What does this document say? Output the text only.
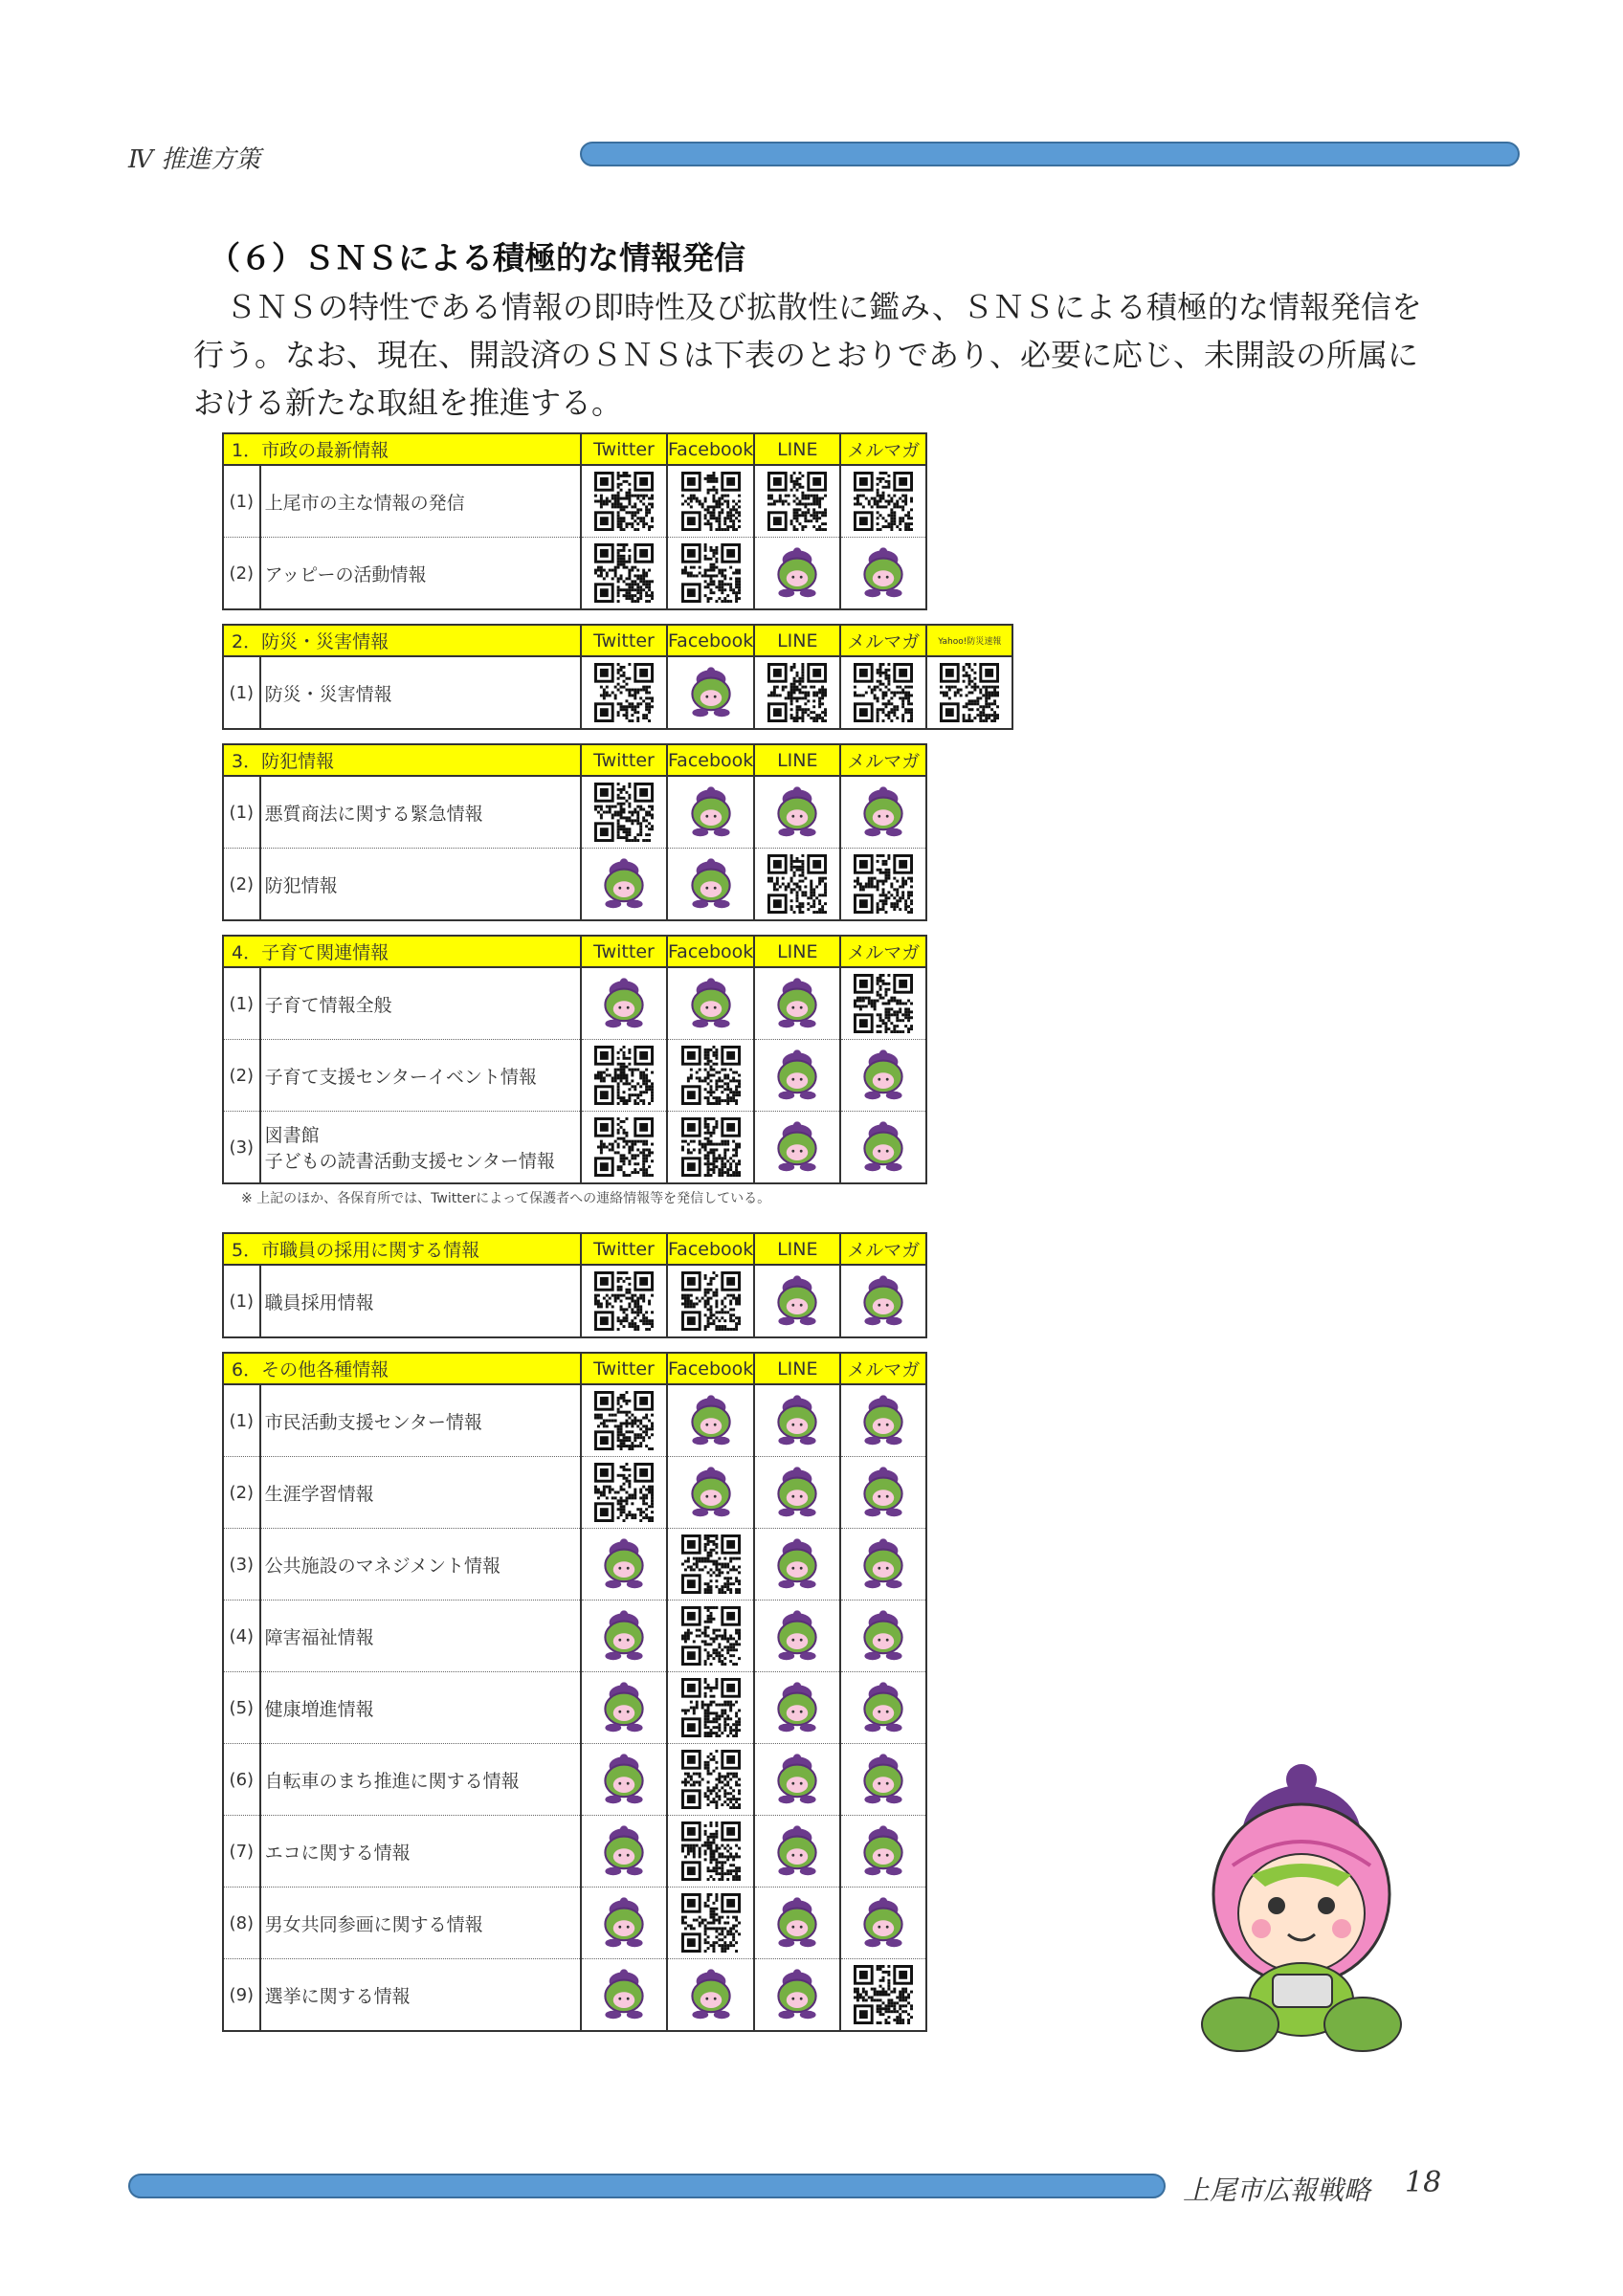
Ⅳ 推進方策
（６）ＳＮＳによる積極的な情報発信

ＳＮＳの特性である情報の即時性及び拡散性に鑑み、ＳＮＳによる積極的な情報発信を行う。なお、現在、開設済のＳＮＳは下表のとおりであり、必要に応じ、未開設の所属における新たな取組を推進する。

1．市政の最新情報		Twitter	Facebook	LINE	メルマガ
(1)	上尾市の主な情報の発信	

(2)	アッピーの活動情報	

2．防災・災害情報		Twitter	Facebook	LINE	メルマガ	Yahoo!防災速報
(1)	防災・災害情報	

3．防犯情報		Twitter	Facebook	LINE	メルマガ
(1)	悪質商法に関する緊急情報	

(2)	防犯情報	

4．子育て関連情報		Twitter	Facebook	LINE	メルマガ
(1)	子育て情報全般	

(2)	子育て支援センターイベント情報	

(3)	図書館
子どもの読書活動支援センター情報	

※ 上記のほか、各保育所では、Twitterによって保護者への連絡情報等を発信している。
5．市職員の採用に関する情報		Twitter	Facebook	LINE	メルマガ
(1)	職員採用情報	

6．その他各種情報		Twitter	Facebook	LINE	メルマガ
(1)	市民活動支援センター情報	

(2)	生涯学習情報	

(3)	公共施設のマネジメント情報	

(4)	障害福祉情報	

(5)	健康増進情報	

(6)	自転車のまち推進に関する情報	

(7)	エコに関する情報	

(8)	男女共同参画に関する情報	

(9)	選挙に関する情報	

上尾市広報戦略 18
